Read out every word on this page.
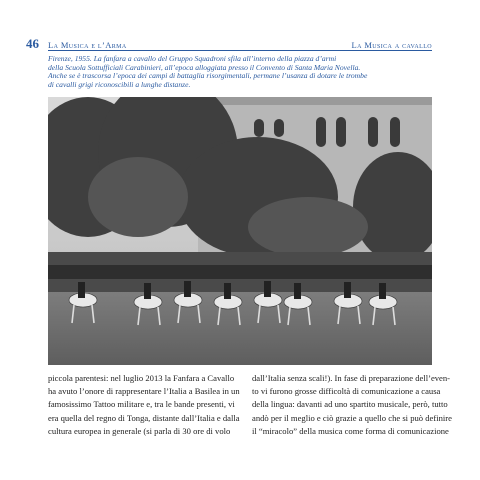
46 La Musica e l’Arma	La Musica a cavallo
Firenze, 1955. La fanfara a cavallo del Gruppo Squadroni sfila all’interno della piazza d’armi
della Scuola Sottufficiali Carabinieri, all’epoca alloggiata presso il Convento di Santa Maria Novella.
Anche se è trascorsa l’epoca dei campi di battaglia risorgimentali, permane l’usanza di dotare le trombe
di cavalli grigi riconoscibili a lunghe distanze.
piccola parentesi: nel luglio 2013 la Fanfara a Cavallo
ha avuto l’onore di rappresentare l’Italia a Basilea in un
famosissimo Tattoo militare e, tra le bande presenti, vi
era quella del regno di Tonga, distante dall’Italia e dalla
cultura europea in generale (si parla di 30 ore di volo
dall’Italia senza scali!). In fase di preparazione dell’even-
to vi furono grosse difficoltà di comunicazione a causa
della lingua: davanti ad uno spartito musicale, però, tutto
andò per il meglio e ciò grazie a quello che si può definire
il “miracolo” della musica come forma di comunicazione
